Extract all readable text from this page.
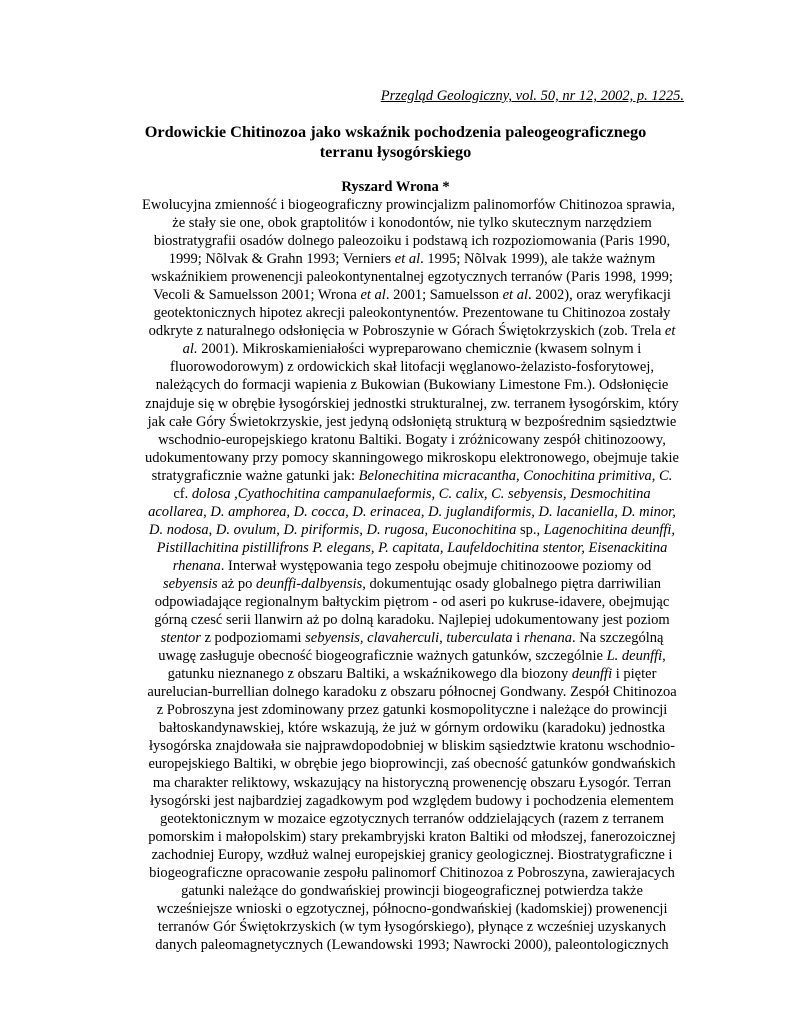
Przegląd Geologiczny, vol. 50, nr 12, 2002, p. 1225.
Ordowickie Chitinozoa jako wskaźnik pochodzenia paleogeograficznego
terranu łysogórskiego
Ryszard Wrona *
Ewolucyjna zmienność i biogeograficzny prowincjalizm palinomorfów Chitinozoa sprawia,
że stały sie one, obok graptolitów i konodontów, nie tylko skutecznym narzędziem
biostratygrafii osadów dolnego paleozoiku i podstawą ich rozpoziomowania (Paris 1990,
1999; Nõlvak & Grahn 1993; Verniers et al. 1995; Nõlvak 1999), ale także ważnym
wskaźnikiem prowenencji paleokontynentalnej egzotycznych terranów (Paris 1998, 1999;
Vecoli & Samuelsson 2001; Wrona et al. 2001; Samuelsson et al. 2002), oraz weryfikacji
geotektonicznych hipotez akrecji paleokontynentów. Prezentowane tu Chitinozoa zostały
odkryte z naturalnego odsłonięcia w Pobroszynie w Górach Świętokrzyskich (zob. Trela et
al. 2001). Mikroskamieniałości wypreparowano chemicznie (kwasem solnym i
fluorowodorowym) z ordowickich skał litofacji węglanowo-żelazisto-fosforytowej,
należących do formacji wapienia z Bukowian (Bukowiany Limestone Fm.). Odsłonięcie
znajduje się w obrębie łysogórskiej jednostki strukturalnej, zw. terranem łysogórskim, który
jak całe Góry Świetokrzyskie, jest jedyną odsłoniętą strukturą w bezpośrednim sąsiedztwie
wschodnio-europejskiego kratonu Baltiki. Bogaty i zróżnicowany zespół chitinozoowy,
udokumentowany przy pomocy skanningowego mikroskopu elektronowego, obejmuje takie
stratygraficznie ważne gatunki jak: Belonechitina micracantha, Conochitina primitiva, C.
cf. dolosa ,Cyathochitina campanulaeformis, C. calix, C. sebyensis, Desmochitina
acollarea, D. amphorea, D. cocca, D. erinacea, D. juglandiformis, D. lacaniella, D. minor,
D. nodosa, D. ovulum, D. piriformis, D. rugosa, Euconochitina sp., Lagenochitina deunffi,
Pistillachitina pistillifrons P. elegans, P. capitata, Laufeldochitina stentor, Eisenackitina
rhenana. Interwał występowania tego zespołu obejmuje chitinozoowe poziomy od
sebyensis aż po deunffi-dalbyensis, dokumentując osady globalnego piętra darriwilian
odpowiadające regionalnym bałtyckim piętrom - od aseri po kukruse-idavere, obejmując
górną czesć serii llanwirn aż po dolną karadoku. Najlepiej udokumentowany jest poziom
stentor z podpoziomami sebyensis, clavaherculi, tuberculata i rhenana. Na szczególną
uwagę zasługuje obecność biogeograficznie ważnych gatunków, szczególnie L. deunffi,
gatunku nieznanego z obszaru Baltiki, a wskaźnikowego dla biozony deunffi i pięter
aurelucian-burrellian dolnego karadoku z obszaru północnej Gondwany. Zespół Chitinozoa
z Pobroszyna jest zdominowany przez gatunki kosmopolityczne i należące do prowincji
bałtoskandynawskiej, które wskazują, że już w górnym ordowiku (karadoku) jednostka
łysogórska znajdowała sie najprawdopodobniej w bliskim sąsiedztwie kratonu wschodnio-
europejskiego Baltiki, w obrębie jego bioprowincji, zaś obecność gatunków gondwańskich
ma charakter reliktowy, wskazujący na historyczną prowenencję obszaru Łysogór. Terran
łysogórski jest najbardziej zagadkowym pod względem budowy i pochodzenia elementem
geotektonicznym w mozaice egzotycznych terranów oddzielających (razem z terranem
pomorskim i małopolskim) stary prekambryjski kraton Baltiki od młodszej, fanerozoicznej
zachodniej Europy, wzdłuż walnej europejskiej granicy geologicznej. Biostratygraficzne i
biogeograficzne opracowanie zespołu palinomorf Chitinozoa z Pobroszyna, zawierajacych
gatunki należące do gondwańskiej prowincji biogeograficznej potwierdza także
wcześniejsze wnioski o egzotycznej, północno-gondwańskiej (kadomskiej) prowenencji
terranów Gór Świętokrzyskich (w tym łysogórskiego), płynące z wcześniej uzyskanych
danych paleomagnetycznych (Lewandowski 1993; Nawrocki 2000), paleontologicznych
